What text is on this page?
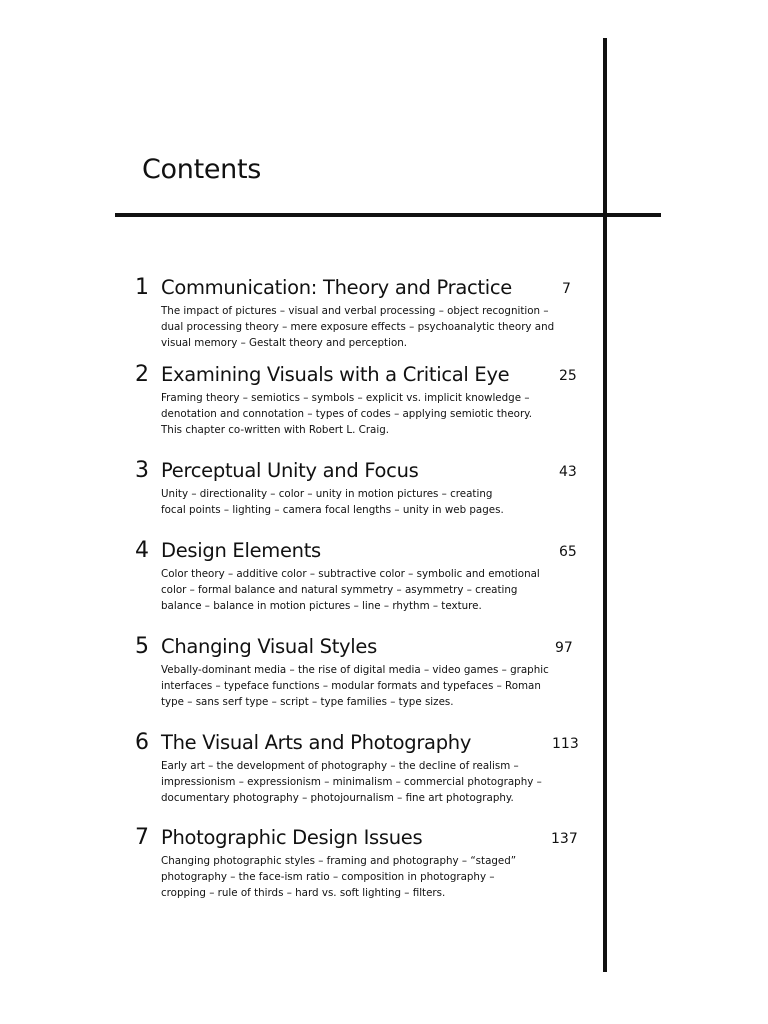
Contents
1 Communication: Theory and Practice	7

The impact of pictures – visual and verbal processing – object recognition –
dual processing theory – mere exposure effects – psychoanalytic theory and
visual memory – Gestalt theory and perception.

2 Examining Visuals with a Critical Eye	25

Framing theory – semiotics – symbols – explicit vs. implicit knowledge –
denotation and connotation – types of codes – applying semiotic theory.
This chapter co-written with Robert L. Craig.

3 Perceptual Unity and Focus	43

Unity – directionality – color – unity in motion pictures – creating
focal points – lighting – camera focal lengths – unity in web pages.

4 Design Elements	65

Color theory – additive color – subtractive color – symbolic and emotional
color – formal balance and natural symmetry – asymmetry – creating
balance – balance in motion pictures – line – rhythm – texture.

5 Changing Visual Styles	97

Vebally-dominant media – the rise of digital media – video games – graphic
interfaces – typeface functions – modular formats and typefaces – Roman
type – sans serf type – script – type families – type sizes.

6 The Visual Arts and Photography	113

Early art – the development of photography – the decline of realism –
impressionism – expressionism – minimalism – commercial photography –
documentary photography – photojournalism – fine art photography.

7 Photographic Design Issues	137

Changing photographic styles – framing and photography – “staged”
photography – the face-ism ratio – composition in photography –
cropping – rule of thirds – hard vs. soft lighting – filters.
